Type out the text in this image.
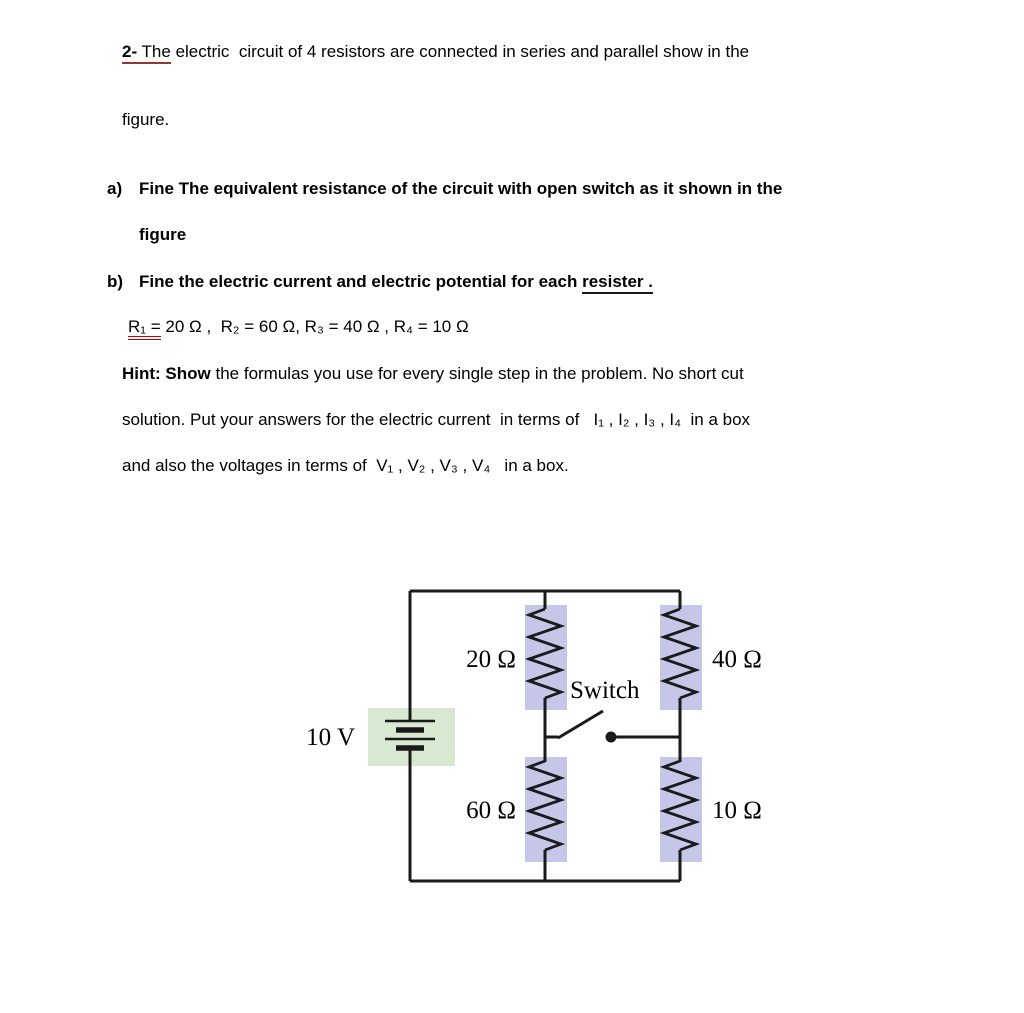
2- The electric  circuit of 4 resistors are connected in series and parallel show in the
figure.
a) Fine The equivalent resistance of the circuit with open switch as it shown in the
figure
b) Fine the electric current and electric potential for each resister .
R₁ = 20 Ω ,  R₂ = 60 Ω, R₃ = 40 Ω , R₄ = 10 Ω
Hint: Show the formulas you use for every single step in the problem. No short cut
solution. Put your answers for the electric current  in terms of   I₁ , I₂ , I₃ , I₄  in a box
and also the voltages in terms of  V₁ , V₂ , V₃ , V₄   in a box.
10 V
20 Ω	40 Ω
Switch
60 Ω	10 Ω
